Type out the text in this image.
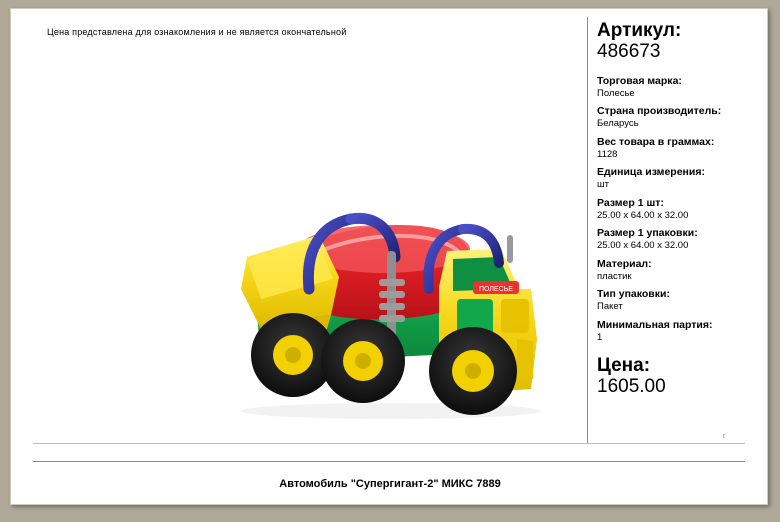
Цена представлена для ознакомления и не является окончательной
ПОЛЕСЬЕ
Артикул:
486673
Торговая марка:
Полесье
Страна производитель:
Беларусь
Вес товара в граммах:
1128
Единица измерения:
шт
Размер 1 шт:
25.00 x 64.00 x 32.00
Размер 1 упаковки:
25.00 x 64.00 x 32.00
Материал:
пластик
Тип упаковки:
Пакет
Минимальная партия:
1
Цена:
1605.00
г
Автомобиль "Супергигант-2" МИКС 7889
